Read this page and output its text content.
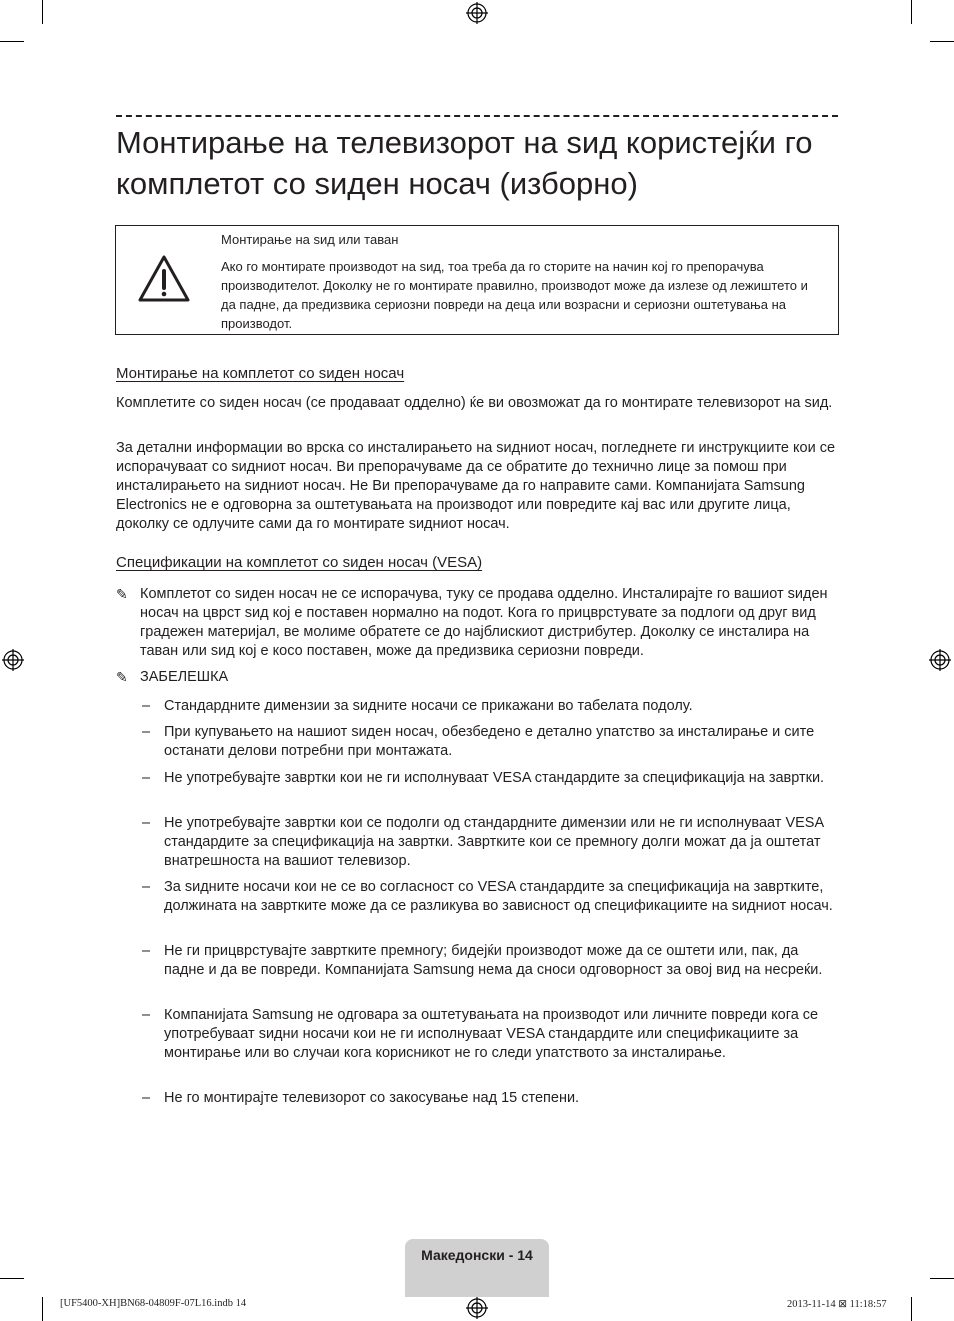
Монтирање на телевизорот на ѕид користејќи го комплетот со ѕиден носач (изборно)
Монтирање на ѕид или таван
Ако го монтирате производот на ѕид, тоа треба да го сторите на начин кој го препорачува производителот. Доколку не го монтирате правилно, производот може да излезе од лежиштето и да падне, да предизвика сериозни повреди на деца или возрасни и сериозни оштетувања на производот.
Монтирање на комплетот со ѕиден носач
Комплетите со ѕиден носач (се продаваат одделно) ќе ви овозможат да го монтирате телевизорот на ѕид.
За детални информации во врска со инсталирањето на ѕидниот носач, погледнете ги инструкциите кои се испорачуваат со ѕидниот носач. Ви препорачуваме да се обратите до технично лице за помош при инсталирањето на ѕидниот носач. Не Ви препорачуваме да го направите сами. Компанијата Samsung Electronics не е одговорна за оштетувањата на производот или повредите кај вас или другите лица, доколку се одлучите сами да го монтирате ѕидниот носач.
Спецификации на комплетот со ѕиден носач (VESA)
✎ Комплетот со ѕиден носач не се испорачува, туку се продава одделно. Инсталирајте го вашиот ѕиден носач на цврст ѕид кој е поставен нормално на подот. Кога го прицврстувате за подлоги од друг вид градежен материјал, ве молиме обратете се до најблискиот дистрибутер. Доколку се инсталира на таван или ѕид кој е косо поставен, може да предизвика сериозни повреди.
✎ ЗАБЕЛЕШКА
– Стандардните димензии за ѕидните носачи се прикажани во табелата подолу.
– При купувањето на нашиот ѕиден носач, обезбедено е детално упатство за инсталирање и сите останати делови потребни при монтажата.
– Не употребувајте завртки кои не ги исполнуваат VESA стандардите за спецификација на завртки.
– Не употребувајте завртки кои се подолги од стандардните димензии или не ги исполнуваат VESA стандардите за спецификација на завртки. Завртките кои се премногу долги можат да ја оштетат внатрешноста на вашиот телевизор.
– За ѕидните носачи кои не се во согласност со VESA стандардите за спецификација на завртките, должината на завртките може да се разликува во зависност од спецификациите на ѕидниот носач.
– Не ги прицврстувајте завртките премногу; бидејќи производот може да се оштети или, пак, да падне и да ве повреди. Компанијата Samsung нема да сноси одговорност за овој вид на несреќи.
– Компанијата Samsung не одговара за оштетувањата на производот или личните повреди кога се употребуваат ѕидни носачи кои не ги исполнуваат VESA стандардите или спецификациите за монтирање или во случаи кога корисникот не го следи упатството за инсталирање.
– Не го монтирајте телевизорот со закосување над 15 степени.
Македонски - 14
[UF5400-XH]BN68-04809F-07L16.indb 14	2013-11-14 ⊠ 11:18:57
